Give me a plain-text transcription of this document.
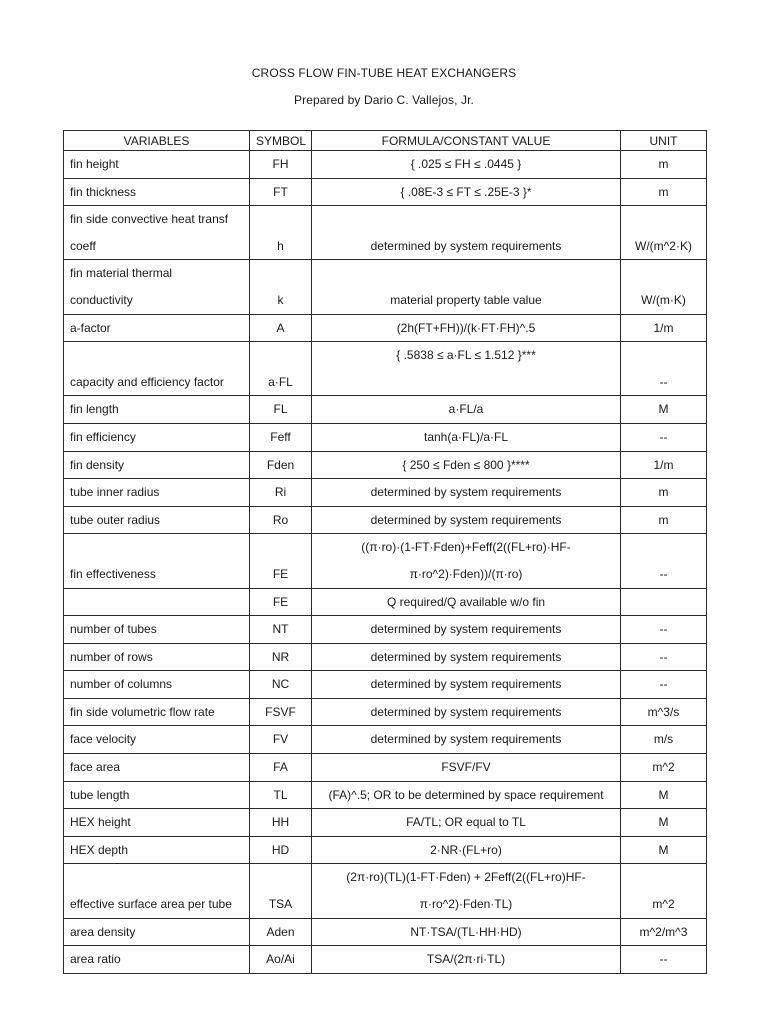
CROSS FLOW FIN-TUBE HEAT EXCHANGERS
Prepared by Dario C. Vallejos, Jr.
VARIABLES	SYMBOL	FORMULA/CONSTANT VALUE	UNIT

fin height	FH	{ .025 ≤ FH ≤ .0445 }	m

fin thickness	FT	{ .08E-3 ≤ FT ≤ .25E-3 }*	m

fin side convective heat transf
coeff	h	determined by system requirements	W/(m^2·K)

fin material thermal
conductivity	k	material property table value	W/(m·K)

a-factor	A	(2h(FT+FH))/(k·FT·FH)^.5	1/m

capacity and efficiency factor	a·FL	{ .5838 ≤ a·FL ≤ 1.512 }***	--

fin length	FL	a·FL/a	M

fin efficiency	Feff	tanh(a·FL)/a·FL	--

fin density	Fden	{ 250 ≤ Fden ≤ 800 }****	1/m

tube inner radius	Ri	determined by system requirements	m

tube outer radius	Ro	determined by system requirements	m

fin effectiveness	FE	((π·ro)·(1-FT·Fden)+Feff(2((FL+ro)·HF-
π·ro^2)·Fden))/(π·ro)	--

	FE	Q required/Q available w/o fin	

number of tubes	NT	determined by system requirements	--

number of rows	NR	determined by system requirements	--

number of columns	NC	determined by system requirements	--

fin side volumetric flow rate	FSVF	determined by system requirements	m^3/s

face velocity	FV	determined by system requirements	m/s

face area	FA	FSVF/FV	m^2

tube length	TL	(FA)^.5; OR to be determined by space requirement	M

HEX height	HH	FA/TL; OR equal to TL	M

HEX depth	HD	2·NR·(FL+ro)	M

effective surface area per tube	TSA	(2π·ro)(TL)(1-FT·Fden) + 2Feff(2((FL+ro)HF-
π·ro^2)·Fden·TL)	m^2

area density	Aden	NT·TSA/(TL·HH·HD)	m^2/m^3

area ratio	Ao/Ai	TSA/(2π·ri·TL)	--
